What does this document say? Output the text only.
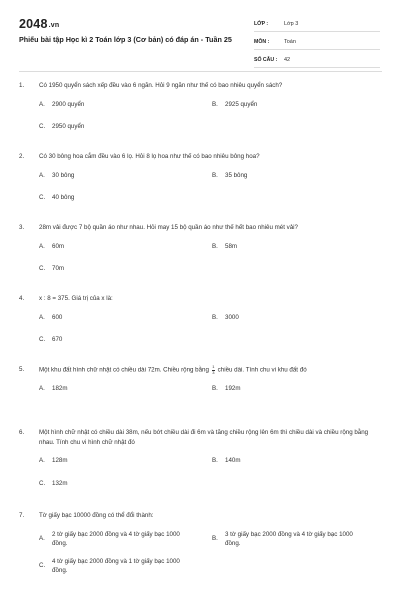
2048.vn
Phiếu bài tập Học kì 2 Toán lớp 3 (Cơ bản) có đáp án - Tuần 25
LỚP :	Lớp 3
MÔN :	Toán
SỐ CÂU :	42
1.	Có 1950 quyển sách xếp đều vào 6 ngăn. Hỏi 9 ngăn như thế có bao nhiêu quyển sách?
A.	2900 quyển	B.	2925 quyển
C.	2950 quyển
2.	Có 30 bông hoa cắm đều vào 6 lọ. Hỏi 8 lọ hoa như thế có bao nhiêu bông hoa?
A.	30 bông	B.	35 bông
C.	40 bông
3.	28m vải được 7 bộ quần áo như nhau. Hỏi may 15 bộ quần áo như thế hết bao nhiêu mét vải?
A.	60m	B.	58m
C.	70m
4.	x : 8 = 375. Giá trị của x là:
A.	600	B.	3000
C.	670
5.	Một khu đất hình chữ nhật có chiều dài 72m. Chiều rộng bằng $\frac{1}{3}$ chiều dài. Tính chu vi khu đất đó
A.	182m	B.	192m
6.	Một hình chữ nhật có chiều dài 38m, nếu bớt chiều dài đi 6m và tăng chiều rộng lên 6m thì chiều dài và chiều rộng bằng nhau. Tính chu vi hình chữ nhật đó
A.	128m	B.	140m
C.	132m
7.	Tờ giấy bạc 10000 đồng có thể đổi thành:
A.
2 tờ giấy bạc 2000 đồng và 4 tờ giấy bạc 1000 đồng.
B.
3 tờ giấy bạc 2000 đồng và 4 tờ giấy bạc 1000 đồng.
C.
4 tờ giấy bạc 2000 đồng và 1 tờ giấy bạc 1000 đồng.
